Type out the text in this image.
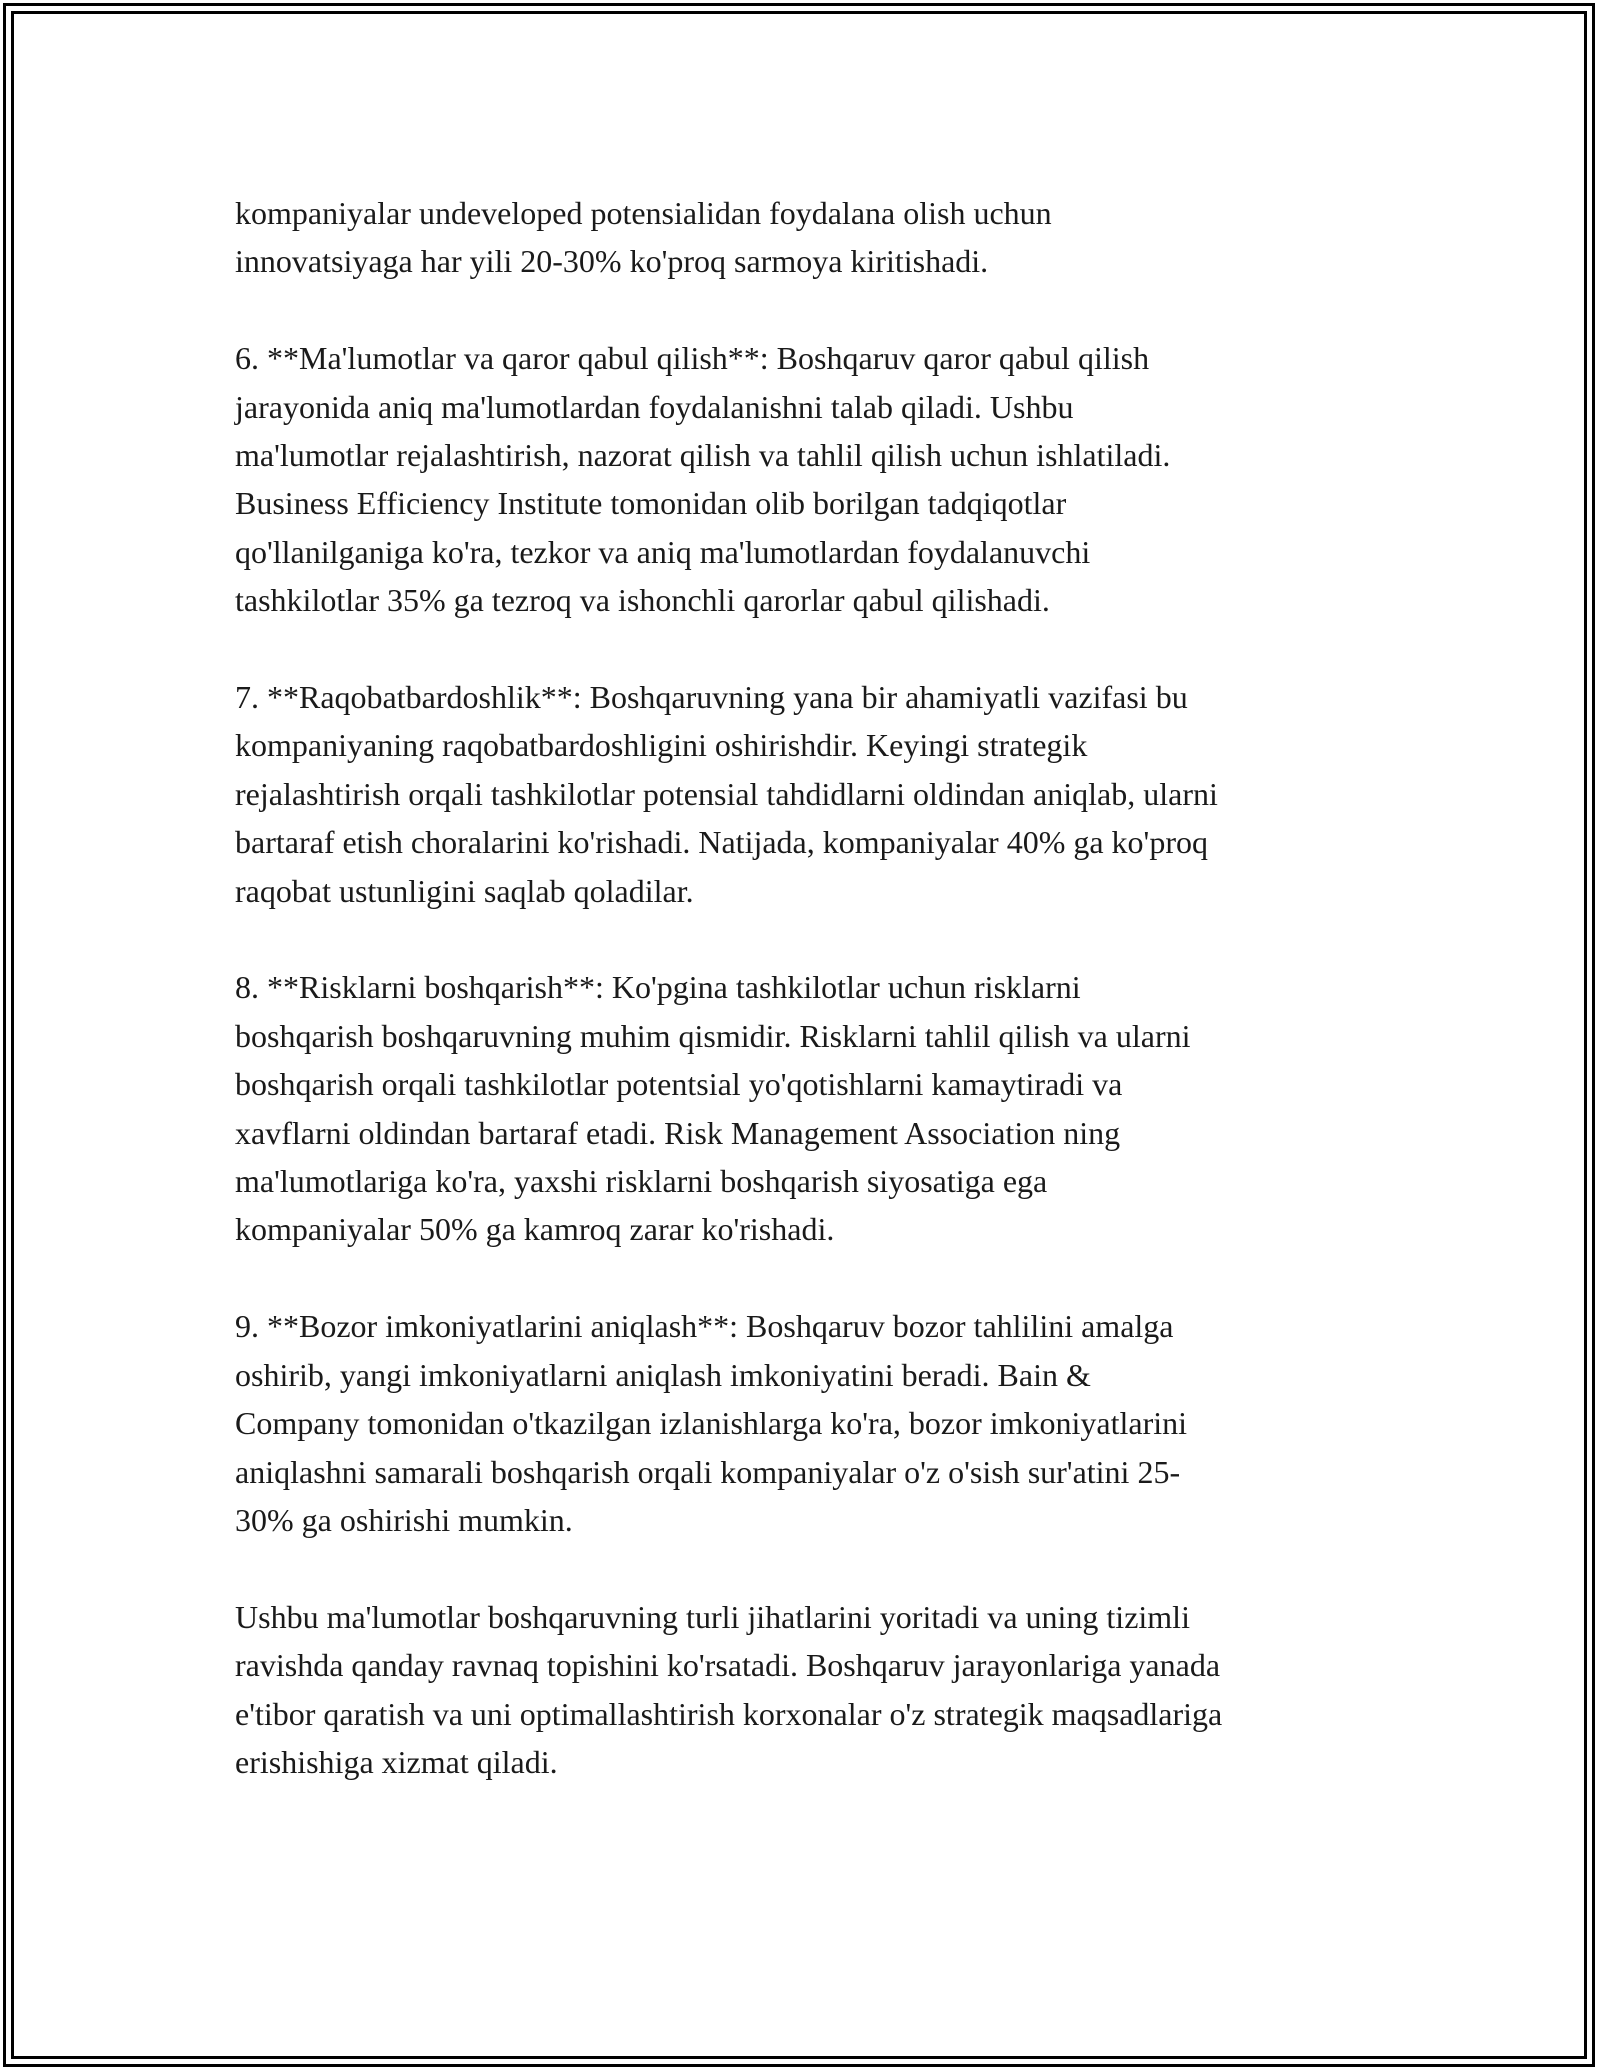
kompaniyalar undeveloped potensialidan foydalana olish uchun
innovatsiyaga har yili 20-30% ko'proq sarmoya kiritishadi.

6. **Ma'lumotlar va qaror qabul qilish**: Boshqaruv qaror qabul qilish
jarayonida aniq ma'lumotlardan foydalanishni talab qiladi. Ushbu
ma'lumotlar rejalashtirish, nazorat qilish va tahlil qilish uchun ishlatiladi.
Business Efficiency Institute tomonidan olib borilgan tadqiqotlar
qo'llanilganiga ko'ra, tezkor va aniq ma'lumotlardan foydalanuvchi
tashkilotlar 35% ga tezroq va ishonchli qarorlar qabul qilishadi.

7. **Raqobatbardoshlik**: Boshqaruvning yana bir ahamiyatli vazifasi bu
kompaniyaning raqobatbardoshligini oshirishdir. Keyingi strategik
rejalashtirish orqali tashkilotlar potensial tahdidlarni oldindan aniqlab, ularni
bartaraf etish choralarini ko'rishadi. Natijada, kompaniyalar 40% ga ko'proq
raqobat ustunligini saqlab qoladilar.

8. **Risklarni boshqarish**: Ko'pgina tashkilotlar uchun risklarni
boshqarish boshqaruvning muhim qismidir. Risklarni tahlil qilish va ularni
boshqarish orqali tashkilotlar potentsial yo'qotishlarni kamaytiradi va
xavflarni oldindan bartaraf etadi. Risk Management Association ning
ma'lumotlariga ko'ra, yaxshi risklarni boshqarish siyosatiga ega
kompaniyalar 50% ga kamroq zarar ko'rishadi.

9. **Bozor imkoniyatlarini aniqlash**: Boshqaruv bozor tahlilini amalga
oshirib, yangi imkoniyatlarni aniqlash imkoniyatini beradi. Bain &
Company tomonidan o'tkazilgan izlanishlarga ko'ra, bozor imkoniyatlarini
aniqlashni samarali boshqarish orqali kompaniyalar o'z o'sish sur'atini 25-
30% ga oshirishi mumkin.

Ushbu ma'lumotlar boshqaruvning turli jihatlarini yoritadi va uning tizimli
ravishda qanday ravnaq topishini ko'rsatadi. Boshqaruv jarayonlariga yanada
e'tibor qaratish va uni optimallashtirish korxonalar o'z strategik maqsadlariga
erishishiga xizmat qiladi.
